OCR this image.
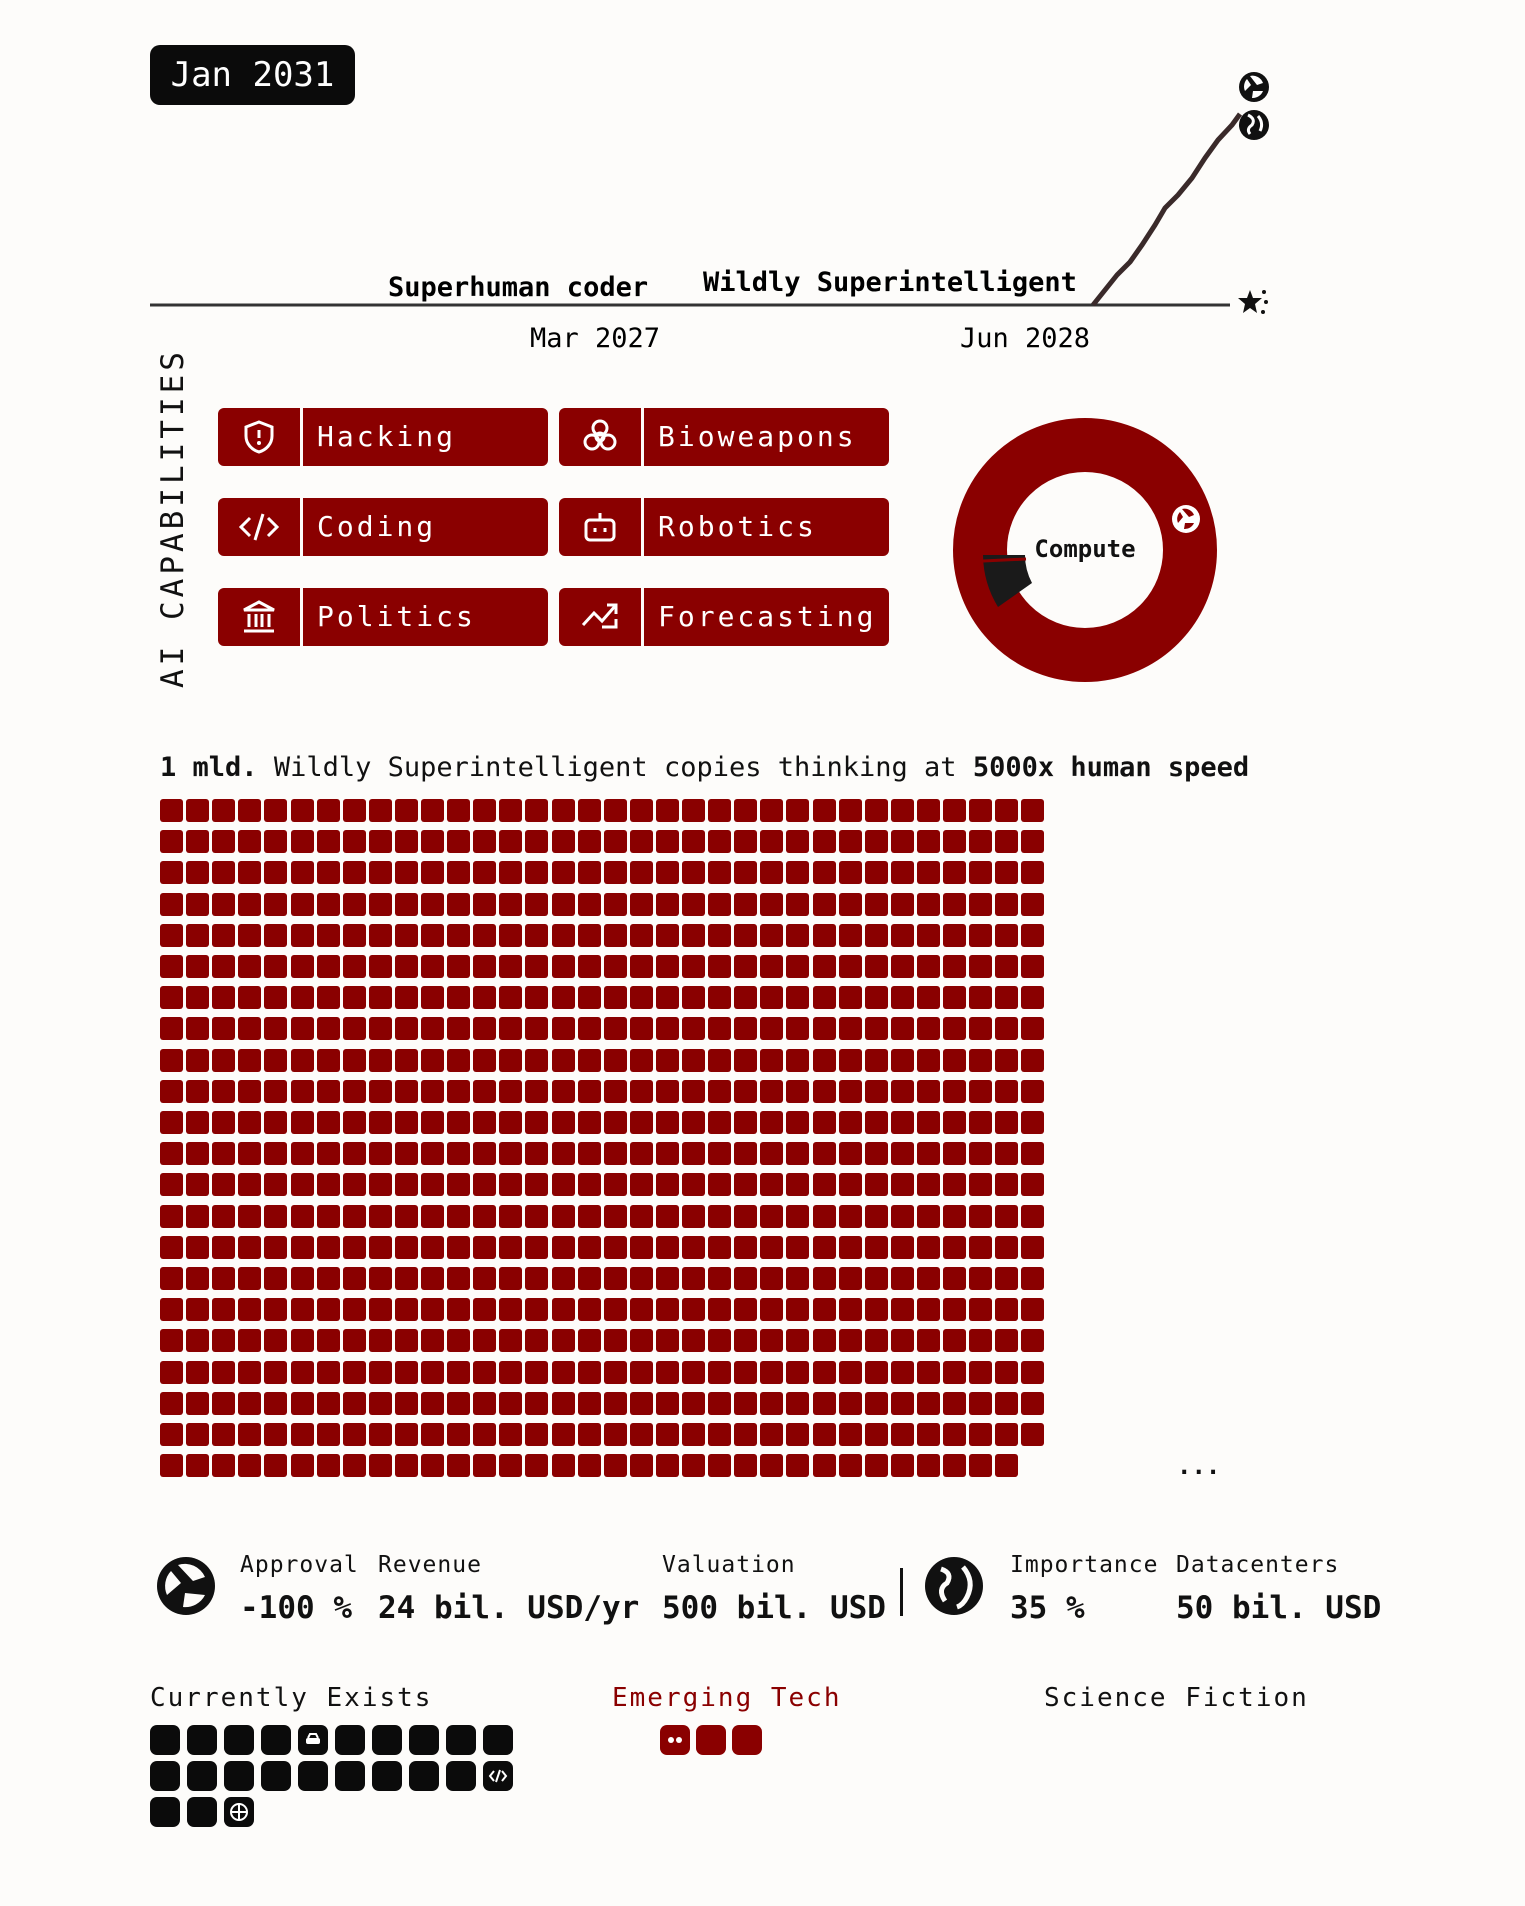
Jan 2031
Superhuman coder Wildly Superintelligent
Mar 2027	Jun 2028
AI CAPABILITIES	Hacking	Bioweapons
Coding	Robotics
Politics	Forecasting
Compute
1 mld. Wildly Superintelligent copies thinking at 5000x human speed
...
Approval
-100 %
Revenue
24 bil. USD/yr
Valuation
500 bil. USD
Importance
35 %
Datacenters
50 bil. USD
Currently Exists	Emerging Tech	Science Fiction
